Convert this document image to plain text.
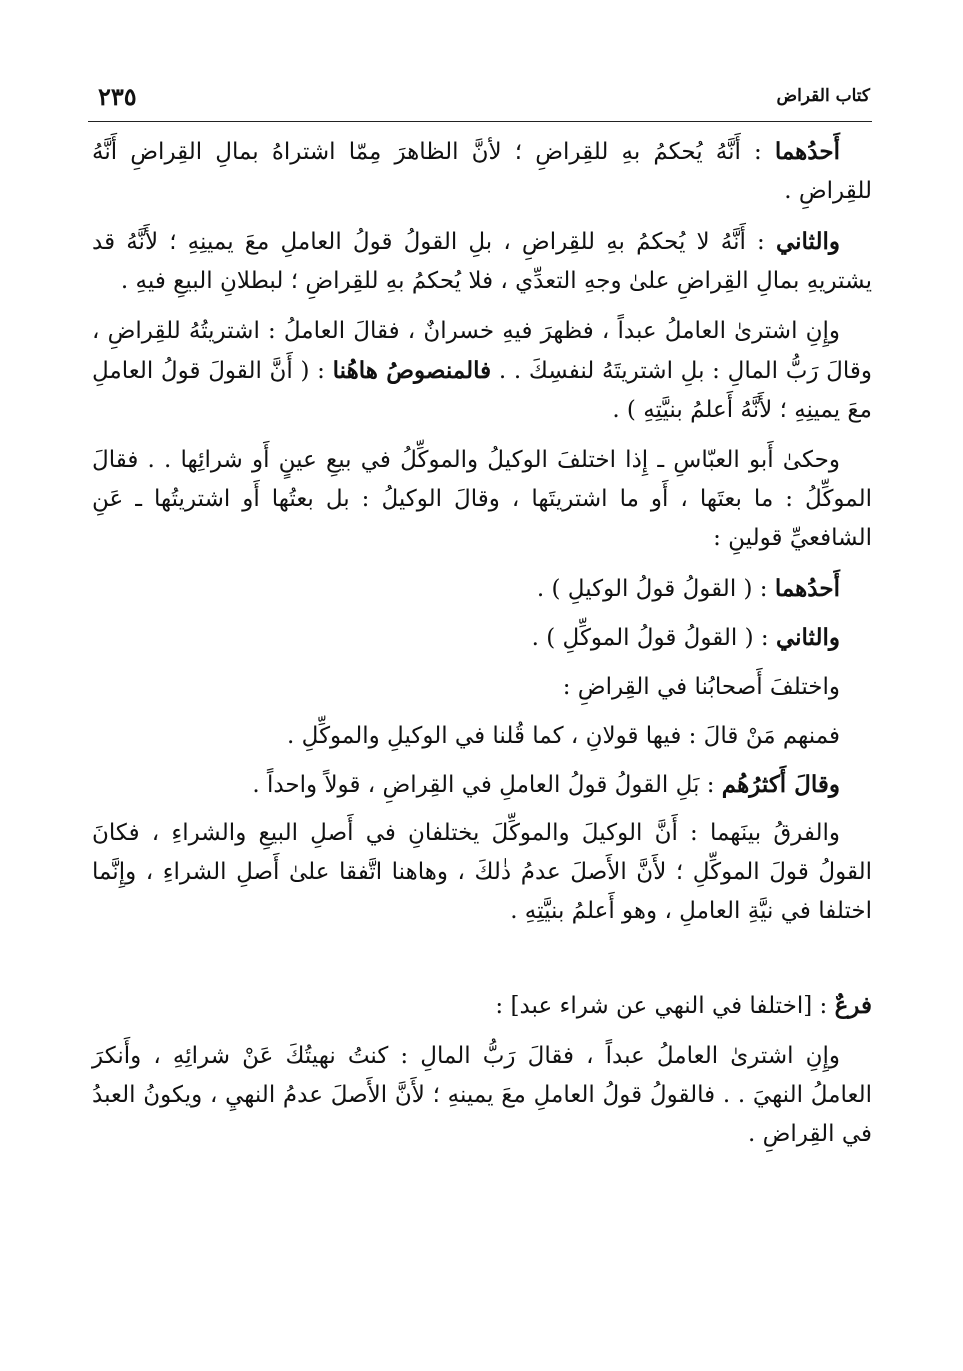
كتاب القراض
٢٣٥

أَحدُهما : أَنَّهُ يُحكمُ بهِ للقِراضِ ؛ لأنَّ الظاهرَ مِمّا اشتراهُ بمالِ القِراضِ أَنَّهُ للقِراضِ .

والثاني : أَنَّهُ لا يُحكمُ بهِ للقِراضِ ، بلِ القولُ قولُ العاملِ معَ يمينِهِ ؛ لأَنَّهُ قد يشتريهِ بمالِ القِراضِ علىٰ وجهِ التعدِّي ، فلا يُحكمُ بهِ للقِراضِ ؛ لبطلانِ البيعِ فيهِ .

وإِنِ اشترىٰ العاملُ عبداً ، فظهرَ فيهِ خسرانٌ ، فقالَ العاملُ : اشتريتُهُ للقِراضِ ، وقالَ رَبُّ المالِ : بلِ اشتريتَهُ لنفسِكَ . . فالمنصوصُ هاهُنا : ( أَنَّ القولَ قولُ العاملِ معَ يمينِهِ ؛ لأَنَّهُ أَعلمُ بنيَّتِهِ ) .

وحكىٰ أَبو العبّاسِ ـ إِذا اختلفَ الوكيلُ والموكِّلُ في بيعِ عينٍ أَو شرائِها . . فقالَ الموكِّلُ : ما بعتَها ، أَو ما اشتريتَها ، وقالَ الوكيلُ : بل بعتُها أَو اشتريتُها ـ عَنِ الشافعيِّ قولينِ :

أَحدُهما : ( القولُ قولُ الوكيلِ ) .

والثاني : ( القولُ قولُ الموكِّلِ ) .

واختلفَ أَصحابُنا في القِراضِ :

فمنهم مَنْ قالَ : فيها قولانِ ، كما قُلنا في الوكيلِ والموكِّلِ .

وقالَ أَكثرُهُم : بَلِ القولُ قولُ العاملِ في القِراضِ ، قولاً واحداً .

والفرقُ بينَهما : أَنَّ الوكيلَ والموكِّلَ يختلفانِ في أَصلِ البيعِ والشراءِ ، فكانَ القولُ قولَ الموكِّلِ ؛ لأَنَّ الأَصلَ عدمُ ذٰلكَ ، وهاهنا اتَّفقا علىٰ أَصلِ الشراءِ ، وإِنَّما اختلفا في نيَّةِ العاملِ ، وهو أَعلمُ بنيَّتِهِ .

فرعٌ : [اختلفا في النهي عن شراء عبد] :

وإِنِ اشترىٰ العاملُ عبداً ، فقالَ رَبُّ المالِ : كنتُ نهيتُكَ عَنْ شرائِهِ ، وأَنكرَ العاملُ النهيَ . . فالقولُ قولُ العاملِ معَ يمينهِ ؛ لأَنَّ الأَصلَ عدمُ النهيِ ، ويكونُ العبدُ في القِراضِ .
